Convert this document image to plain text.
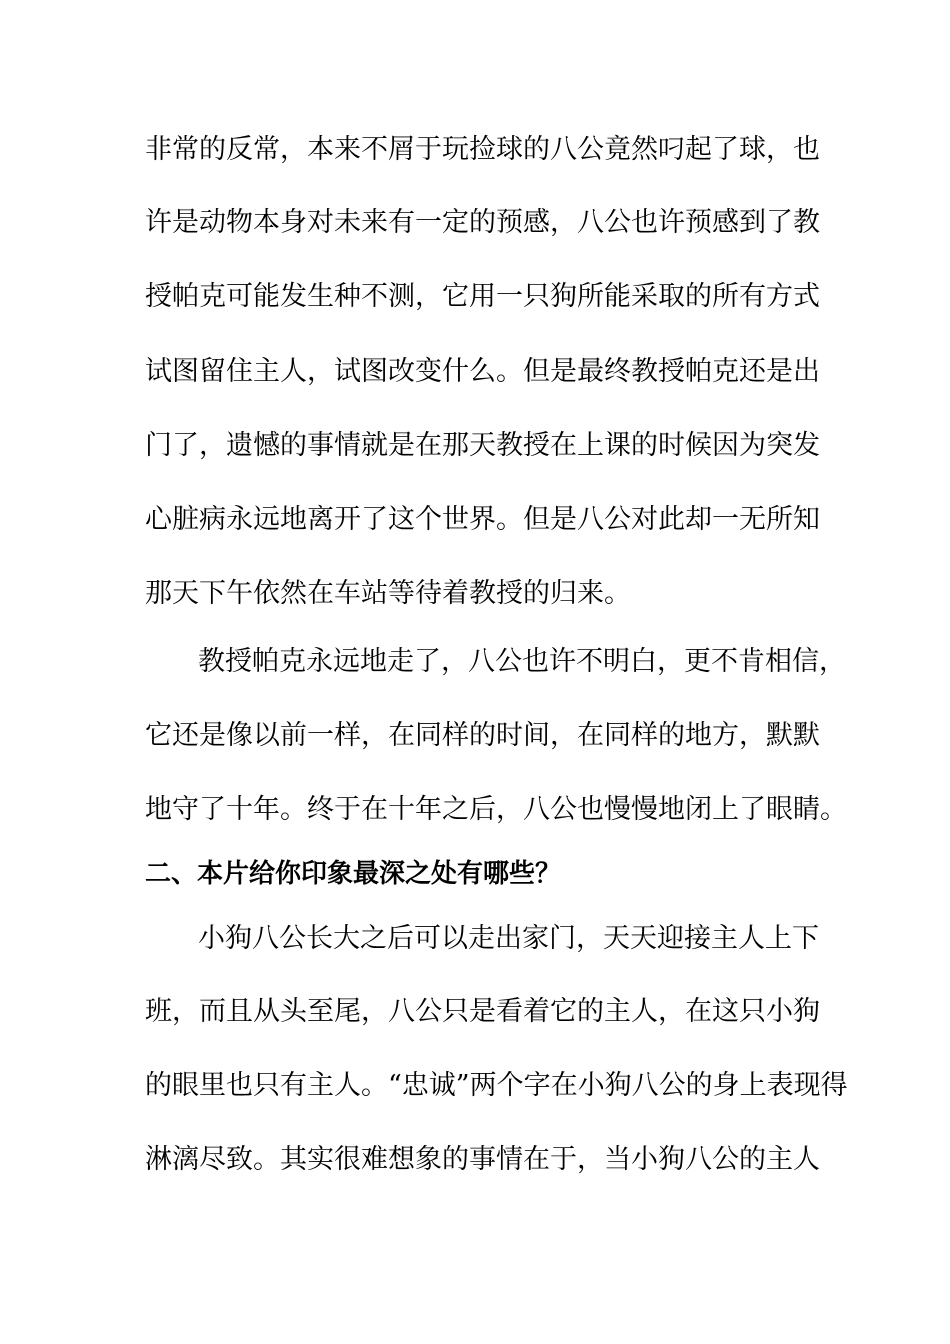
非常的反常，本来不屑于玩捡球的八公竟然叼起了球，也
许是动物本身对未来有一定的预感，八公也许预感到了教
授帕克可能发生种不测，它用一只狗所能采取的所有方式
试图留住主人，试图改变什么。但是最终教授帕克还是出
门了，遗憾的事情就是在那天教授在上课的时候因为突发
心脏病永远地离开了这个世界。但是八公对此却一无所知
那天下午依然在车站等待着教授的归来。
教授帕克永远地走了，八公也许不明白，更不肯相信，
它还是像以前一样，在同样的时间，在同样的地方，默默
地守了十年。终于在十年之后，八公也慢慢地闭上了眼睛。
二、本片给你印象最深之处有哪些？
小狗八公长大之后可以走出家门，天天迎接主人上下
班，而且从头至尾，八公只是看着它的主人，在这只小狗
的眼里也只有主人。“忠诚”两个字在小狗八公的身上表现得
淋漓尽致。其实很难想象的事情在于，当小狗八公的主人
